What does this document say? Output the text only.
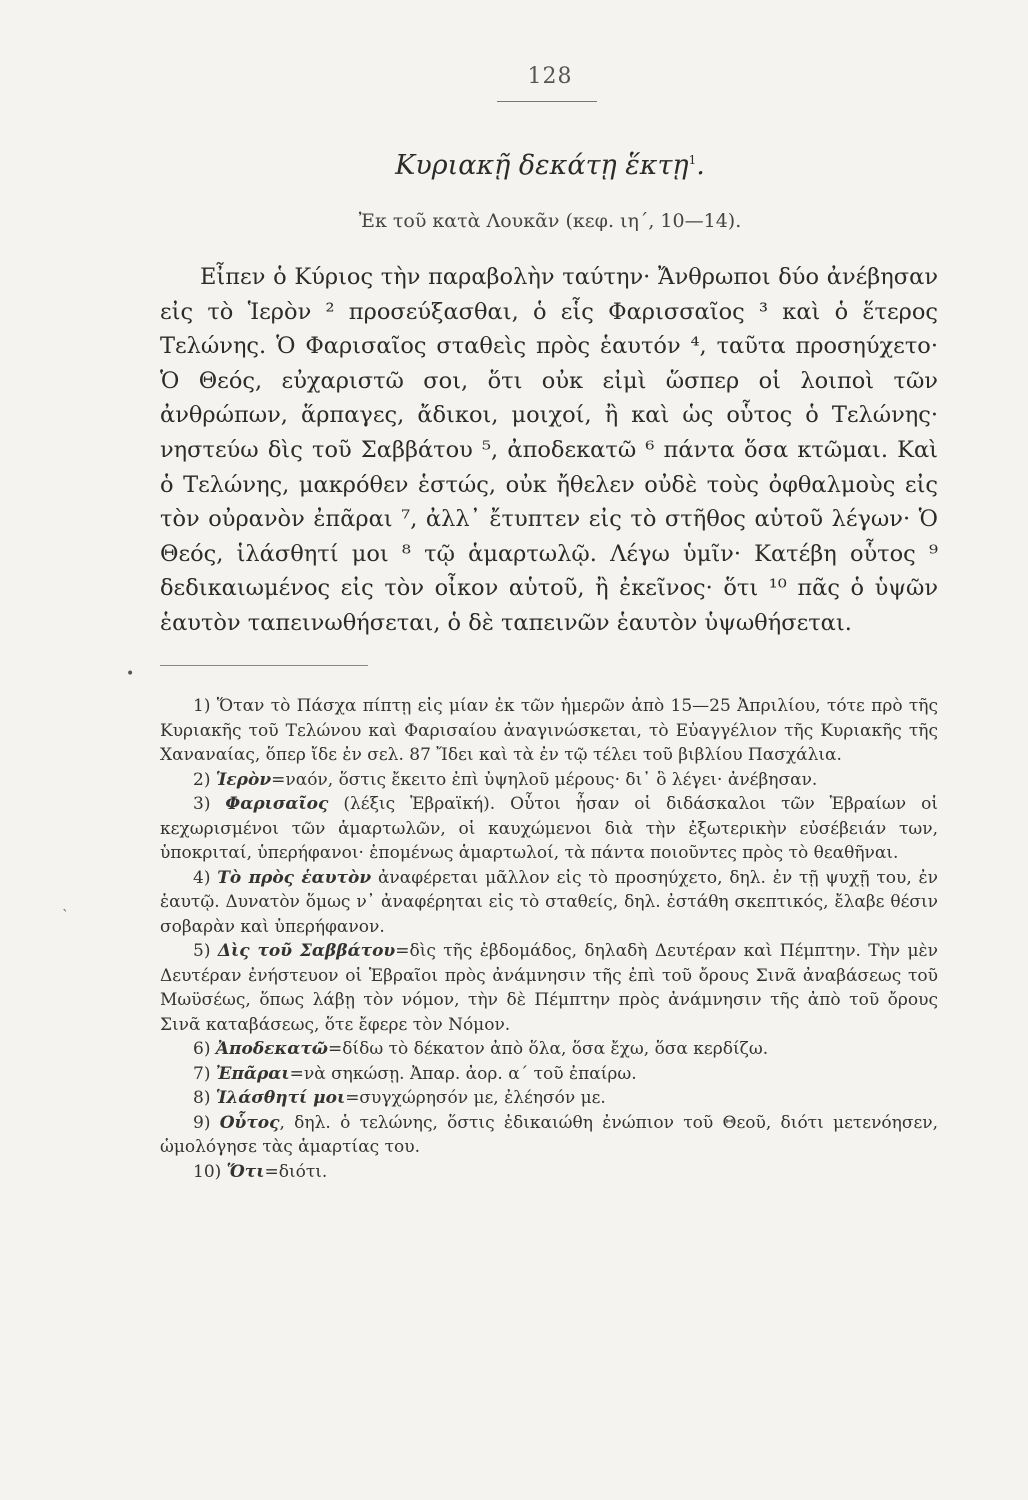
128
Κυριακῇ δεκάτῃ ἕκτῃ$^1$.
Ἐκ τοῦ κατὰ Λουκᾶν (κεφ. ιη΄, 10—14).

Εἶπεν ὁ Κύριος τὴν παραβολὴν ταύτην· Ἄνθρωποι δύο ἀνέβησαν εἰς τὸ Ἱερὸν ² προσεύξασθαι, ὁ εἷς Φαρισσαῖος ³ καὶ ὁ ἕτερος Τελώνης. Ὁ Φαρισαῖος σταθεὶς πρὸς ἑαυτόν ⁴, ταῦτα προσηύχετο· Ὁ Θεός, εὐχαριστῶ σοι, ὅτι οὐκ εἰμὶ ὥσπερ οἱ λοιποὶ τῶν ἀνθρώπων, ἅρπαγες, ἄδικοι, μοιχοί, ἢ καὶ ὡς οὗτος ὁ Τελώνης· νηστεύω δὶς τοῦ Σαββάτου ⁵, ἀποδεκατῶ ⁶ πάντα ὅσα κτῶμαι. Καὶ ὁ Τελώνης, μακρόθεν ἑστώς, οὐκ ἤθελεν οὐδὲ τοὺς ὀφθαλμοὺς εἰς τὸν οὐρανὸν ἐπᾶραι ⁷, ἀλλ᾿ ἔτυπτεν εἰς τὸ στῆθος αὑτοῦ λέγων· Ὁ Θεός, ἱλάσθητί μοι ⁸ τῷ ἁμαρτωλῷ. Λέγω ὑμῖν· Κατέβη οὗτος ⁹ δεδικαιωμένος εἰς τὸν οἶκον αὑτοῦ, ἢ ἐκεῖνος· ὅτι ¹⁰ πᾶς ὁ ὑψῶν ἑαυτὸν ταπεινωθήσεται, ὁ δὲ ταπεινῶν ἑαυτὸν ὑψωθήσεται.

•

1) Ὅταν τὸ Πάσχα πίπτῃ εἰς μίαν ἐκ τῶν ἡμερῶν ἀπὸ 15—25 Ἀπριλίου, τότε πρὸ τῆς Κυριακῆς τοῦ Τελώνου καὶ Φαρισαίου ἀναγινώσκεται, τὸ Εὐαγγέλιον τῆς Κυριακῆς τῆς Χαναναίας, ὅπερ ἴδε ἐν σελ. 87 Ἴδει καὶ τὰ ἐν τῷ τέλει τοῦ βιβλίου Πασχάλια.

2) Ἱερὸν=ναόν, ὅστις ἔκειτο ἐπὶ ὑψηλοῦ μέρους· δι᾿ ὃ λέγει· ἀνέβησαν.

3) Φαρισαῖος (λέξις Ἑβραϊκή). Οὗτοι ἦσαν οἱ διδάσκαλοι τῶν Ἑβραίων οἱ κεχωρισμένοι τῶν ἁμαρτωλῶν, οἱ καυχώμενοι διὰ τὴν ἐξωτερικὴν εὐσέβειάν των, ὑποκριταί, ὑπερήφανοι· ἑπομένως ἁμαρτωλοί, τὰ πάντα ποιοῦντες πρὸς τὸ θεαθῆναι.

4) Τὸ πρὸς ἑαυτὸν ἀναφέρεται μᾶλλον εἰς τὸ προσηύχετο, δηλ. ἐν τῇ ψυχῇ του, ἐν ἑαυτῷ. Δυνατὸν ὅμως ν᾿ ἀναφέρηται εἰς τὸ σταθείς, δηλ. ἐστάθη σκεπτικός, ἔλαβε θέσιν σοβαρὰν καὶ ὑπερήφανον.

5) Δὶς τοῦ Σαββάτου=δὶς τῆς ἑβδομάδος, δηλαδὴ Δευτέραν καὶ Πέμπτην. Τὴν μὲν Δευτέραν ἐνήστευον οἱ Ἑβραῖοι πρὸς ἀνάμνησιν τῆς ἐπὶ τοῦ ὄρους Σινᾶ ἀναβάσεως τοῦ Μωϋσέως, ὅπως λάβῃ τὸν νόμον, τὴν δὲ Πέμπτην πρὸς ἀνάμνησιν τῆς ἀπὸ τοῦ ὄρους Σινᾶ καταβάσεως, ὅτε ἔφερε τὸν Νόμον.

6) Ἀποδεκατῶ=δίδω τὸ δέκατον ἀπὸ ὅλα, ὅσα ἔχω, ὅσα κερδίζω.

7) Ἐπᾶραι=νὰ σηκώσῃ. Ἀπαρ. ἀορ. α΄ τοῦ ἐπαίρω.

8) Ἱλάσθητί μοι=συγχώρησόν με, ἐλέησόν με.

9) Οὗτος, δηλ. ὁ τελώνης, ὅστις ἐδικαιώθη ἐνώπιον τοῦ Θεοῦ, διότι μετενόησεν, ὡμολόγησε τὰς ἁμαρτίας του.

10) Ὅτι=διότι.

`
